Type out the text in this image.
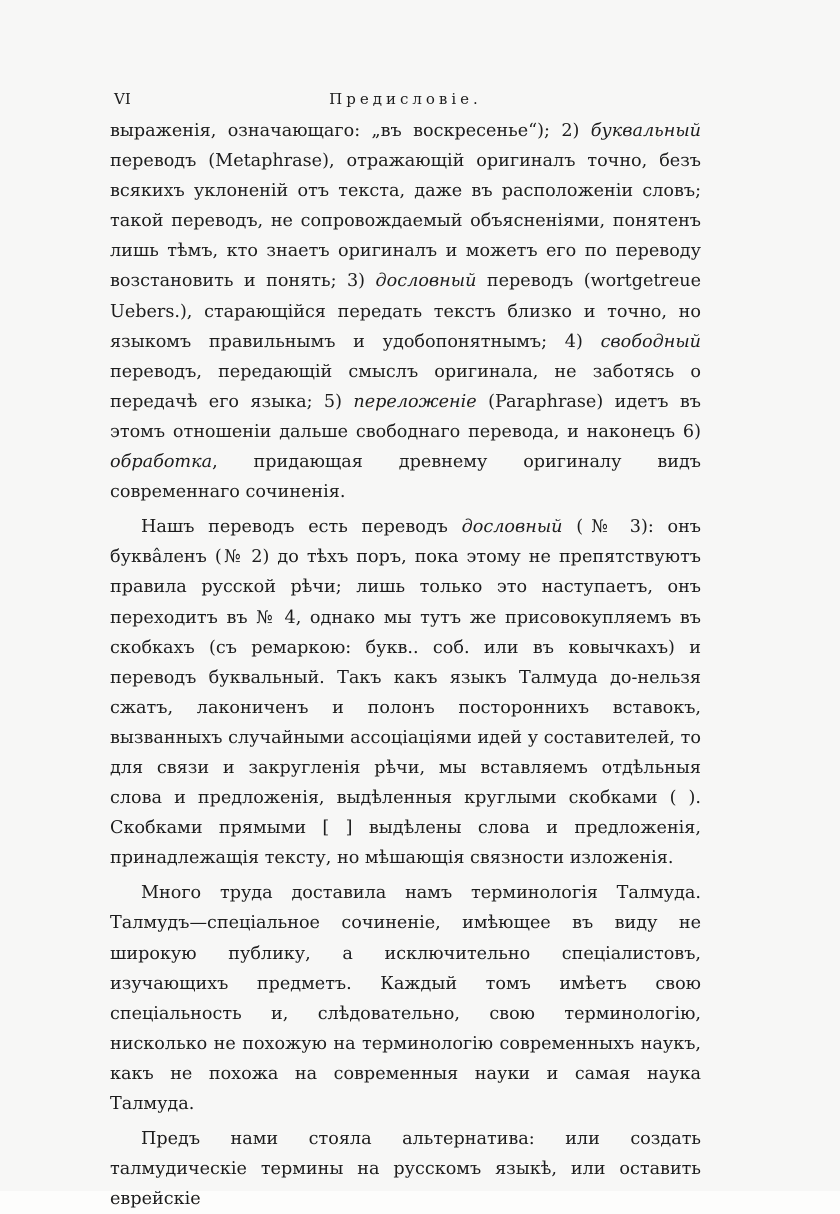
VI	Предисловіе.

выраженія, означающаго: „въ воскресенье“); 2) буквальный переводъ (Metaphrase), отражающій оригиналъ точно, безъ всякихъ уклоненій отъ текста, даже въ расположеніи словъ; такой переводъ, не сопровождаемый объясненіями, понятенъ лишь тѣмъ, кто знаетъ оригиналъ и можетъ его по переводу возстановить и понять; 3) дословный переводъ (wortgetreue Uebers.), старающійся передать текстъ близко и точно, но языкомъ правильнымъ и удобопонятнымъ; 4) свободный переводъ, передающій смыслъ оригинала, не заботясь о передачѣ его языка; 5) переложеніе (Paraphrase) идетъ въ этомъ отношеніи дальше свободнаго перевода, и наконецъ 6) обработка, придающая древнему оригиналу видъ современнаго сочиненія.

Нашъ переводъ есть переводъ дословный (№ 3): онъ буквâленъ (№ 2) до тѣхъ поръ, пока этому не препятствуютъ правила русской рѣчи; лишь только это наступаетъ, онъ переходитъ въ № 4, однако мы тутъ же присовокупляемъ въ скобкахъ (съ ремаркою: букв.. соб. или въ ковычкахъ) и переводъ буквальный. Такъ какъ языкъ Талмуда до-нельзя сжатъ, лакониченъ и полонъ постороннихъ вставокъ, вызванныхъ случайными ассоціаціями идей у составителей, то для связи и закругленія рѣчи, мы вставляемъ отдѣльныя слова и предложенія, выдѣленныя круглыми скобками ( ). Скобками прямыми [ ] выдѣлены слова и предложенія, принадлежащія тексту, но мѣшающія связности изложенія.

Много труда доставила намъ терминологія Талмуда. Талмудъ—спеціальное сочиненіе, имѣющее въ виду не широкую публику, а исключительно спеціалистовъ, изучающихъ предметъ. Каждый томъ имѣетъ свою спеціальность и, слѣдовательно, свою терминологію, нисколько не похожую на терминологію современныхъ наукъ, какъ не похожа на современныя науки и самая наука Талмуда.

Предъ нами стояла альтернатива: или создать талмудическіе термины на русскомъ языкѣ, или оставить еврейскіе
